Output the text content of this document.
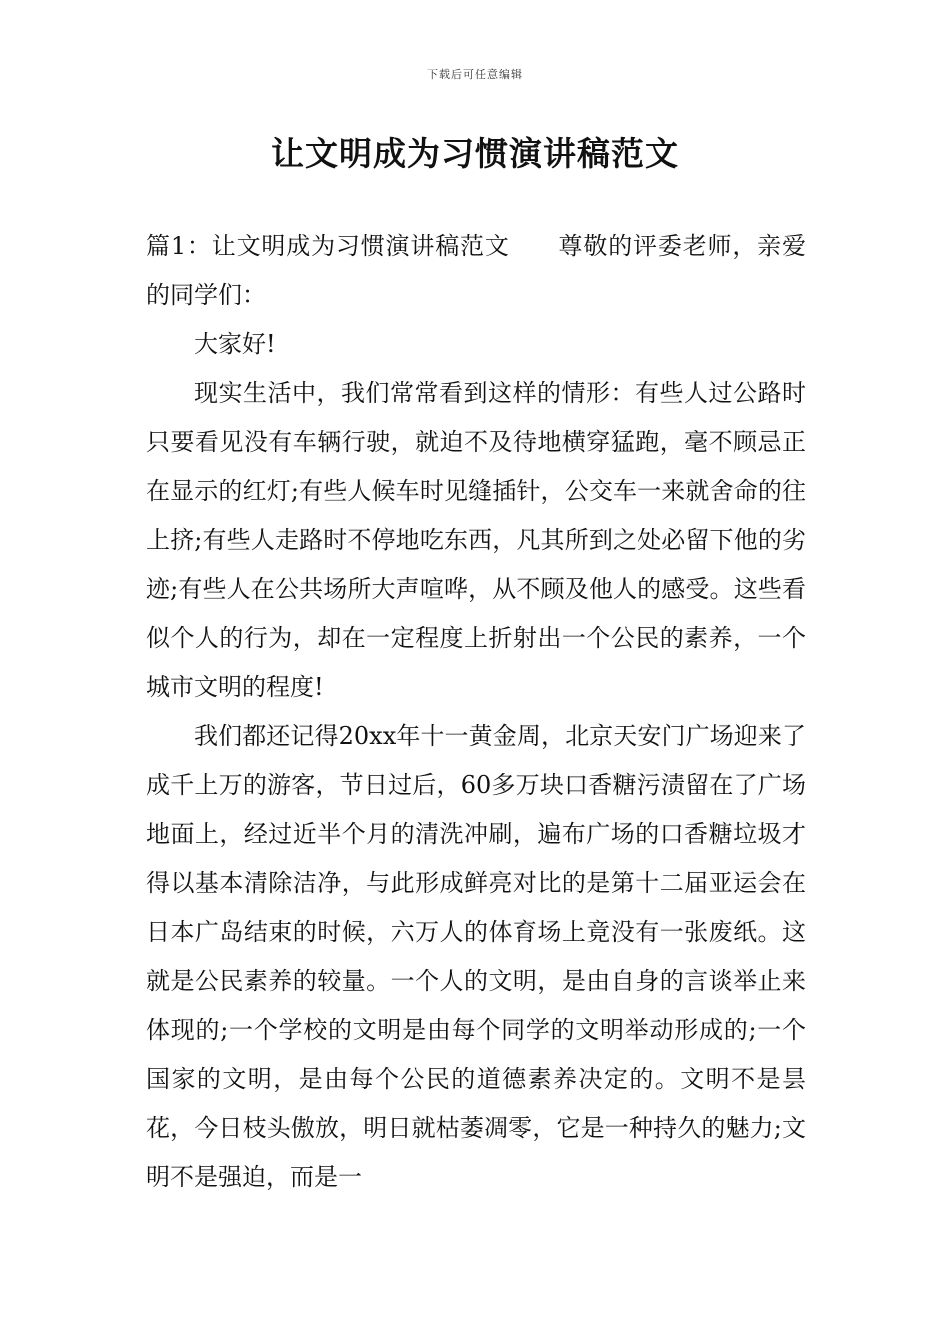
下载后可任意编辑
让文明成为习惯演讲稿范文

篇1：让文明成为习惯演讲稿范文 尊敬的评委老师，亲爱的同学们：

大家好!

现实生活中，我们常常看到这样的情形：有些人过公路时只要看见没有车辆行驶，就迫不及待地横穿猛跑，毫不顾忌正在显示的红灯;有些人候车时见缝插针，公交车一来就舍命的往上挤;有些人走路时不停地吃东西，凡其所到之处必留下他的劣迹;有些人在公共场所大声喧哗，从不顾及他人的感受。这些看似个人的行为，却在一定程度上折射出一个公民的素养，一个城市文明的程度!

我们都还记得20xx年十一黄金周，北京天安门广场迎来了成千上万的游客，节日过后，60多万块口香糖污渍留在了广场地面上，经过近半个月的清洗冲刷，遍布广场的口香糖垃圾才得以基本清除洁净，与此形成鲜亮对比的是第十二届亚运会在日本广岛结束的时候，六万人的体育场上竟没有一张废纸。这就是公民素养的较量。一个人的文明，是由自身的言谈举止来体现的;一个学校的文明是由每个同学的文明举动形成的;一个国家的文明，是由每个公民的道德素养决定的。文明不是昙花，今日枝头傲放，明日就枯萎凋零，它是一种持久的魅力;文明不是强迫，而是一
